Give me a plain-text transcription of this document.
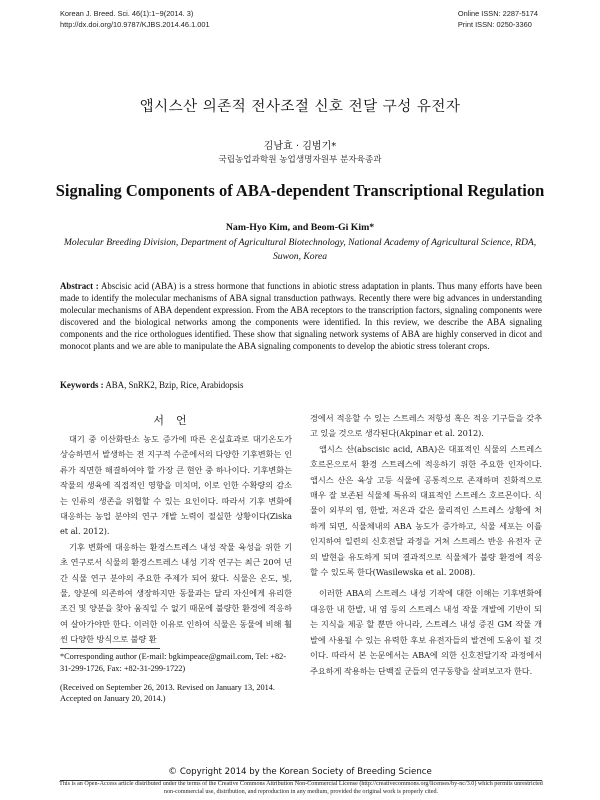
Korean J. Breed. Sci. 46(1):1~9(2014. 3)
http://dx.doi.org/10.9787/KJBS.2014.46.1.001
Online ISSN: 2287-5174
Print ISSN: 0250-3360
앱시스산 의존적 전사조절 신호 전달 구성 유전자
김남효 · 김범기*
국립농업과학원 농업생명자원부 분자육종과
Signaling Components of ABA-dependent Transcriptional Regulation
Nam-Hyo Kim, and Beom-Gi Kim*
Molecular Breeding Division, Department of Agricultural Biotechnology, National Academy of Agricultural Science, RDA, Suwon, Korea
Abstract : Abscisic acid (ABA) is a stress hormone that functions in abiotic stress adaptation in plants. Thus many efforts have been made to identify the molecular mechanisms of ABA signal transduction pathways. Recently there were big advances in understanding molecular mechanisms of ABA dependent expression. From the ABA receptors to the transcription factors, signaling components were discovered and the biological networks among the components were identified. In this review, we describe the ABA signaling components and the rice orthologues identified. These show that signaling network systems of ABA are highly conserved in dicot and monocot plants and we are able to manipulate the ABA signaling components to develop the abiotic stress tolerant crops.
Keywords : ABA, SnRK2, Bzip, Rice, Arabidopsis
서언

대기 중 이산화탄소 농도 증가에 따른 온실효과로 대기온도가 상승하면서 발생하는 전 지구적 수준에서의 다양한 기후변화는 인류가 직면한 해결하여야 할 가장 큰 현안 중 하나이다. 기후변화는 작물의 생육에 직접적인 영향을 미치며, 이로 인한 수확량의 감소는 인류의 생존을 위협할 수 있는 요인이다. 따라서 기후 변화에 대응하는 농업 분야의 연구 개발 노력이 절실한 상황이다(Ziska et al. 2012).

기후 변화에 대응하는 환경스트레스 내성 작물 육성을 위한 기초 연구로서 식물의 환경스트레스 내성 기작 연구는 최근 20여 년간 식물 연구 분야의 주요한 주제가 되어 왔다. 식물은 온도, 빛, 물, 양분에 의존하여 생장하지만 동물과는 달리 자신에게 유리한 조건 및 양분을 찾아 움직일 수 없기 때문에 불량한 환경에 적응하여 살아가야만 한다. 이러한 이유로 인하여 식물은 동물에 비해 훨씬 다양한 방식으로 불량 환

경에서 적응할 수 있는 스트레스 저항성 혹은 적응 기구들을 갖추고 있을 것으로 생각된다(Akpinar et al. 2012).

앱시스 산(abscisic acid, ABA)은 대표적인 식물의 스트레스 호르몬으로서 환경 스트레스에 적응하기 위한 주요한 인자이다. 앱시스 산은 육상 고등 식물에 공통적으로 존재하며 진화적으로 매우 잘 보존된 식물체 특유의 대표적인 스트레스 호르몬이다. 식물이 외부의 염, 한발, 저온과 같은 물리적인 스트레스 상황에 처하게 되면, 식물체내의 ABA 농도가 증가하고, 식물 세포는 이를 인지하여 일련의 신호전달 과정을 거쳐 스트레스 반응 유전자 군의 발현을 유도하게 되며 결과적으로 식물체가 불량 환경에 적응할 수 있도록 한다(Wasilewska et al. 2008).

이러한 ABA의 스트레스 내성 기작에 대한 이해는 기후변화에 대응한 내 한발, 내 염 등의 스트레스 내성 작물 개발에 기반이 되는 지식을 제공 할 뿐만 아니라, 스트레스 내성 증진 GM 작물 개발에 사용될 수 있는 유력한 후보 유전자들의 발견에 도움이 될 것이다. 따라서 본 논문에서는 ABA에 의한 신호전달기작 과정에서 주요하게 작용하는 단백질 군들의 연구동향을 살펴보고자 한다.

*Corresponding author (E-mail: bgkimpeace@gmail.com, Tel: +82-31-299-1726, Fax: +82-31-299-1722)
(Received on September 26, 2013. Revised on January 13, 2014. Accepted on January 20, 2014.)
© Copyright 2014 by the Korean Society of Breeding Science
This is an Open-Access article distributed under the terms of the Creative Commons Attribution Non-Commercial License (http://creativecommons.org/licenses/by-nc/3.0) which permits unrestricted non-commercial use, distribution, and reproduction in any medium, provided the original work is properly cited.
